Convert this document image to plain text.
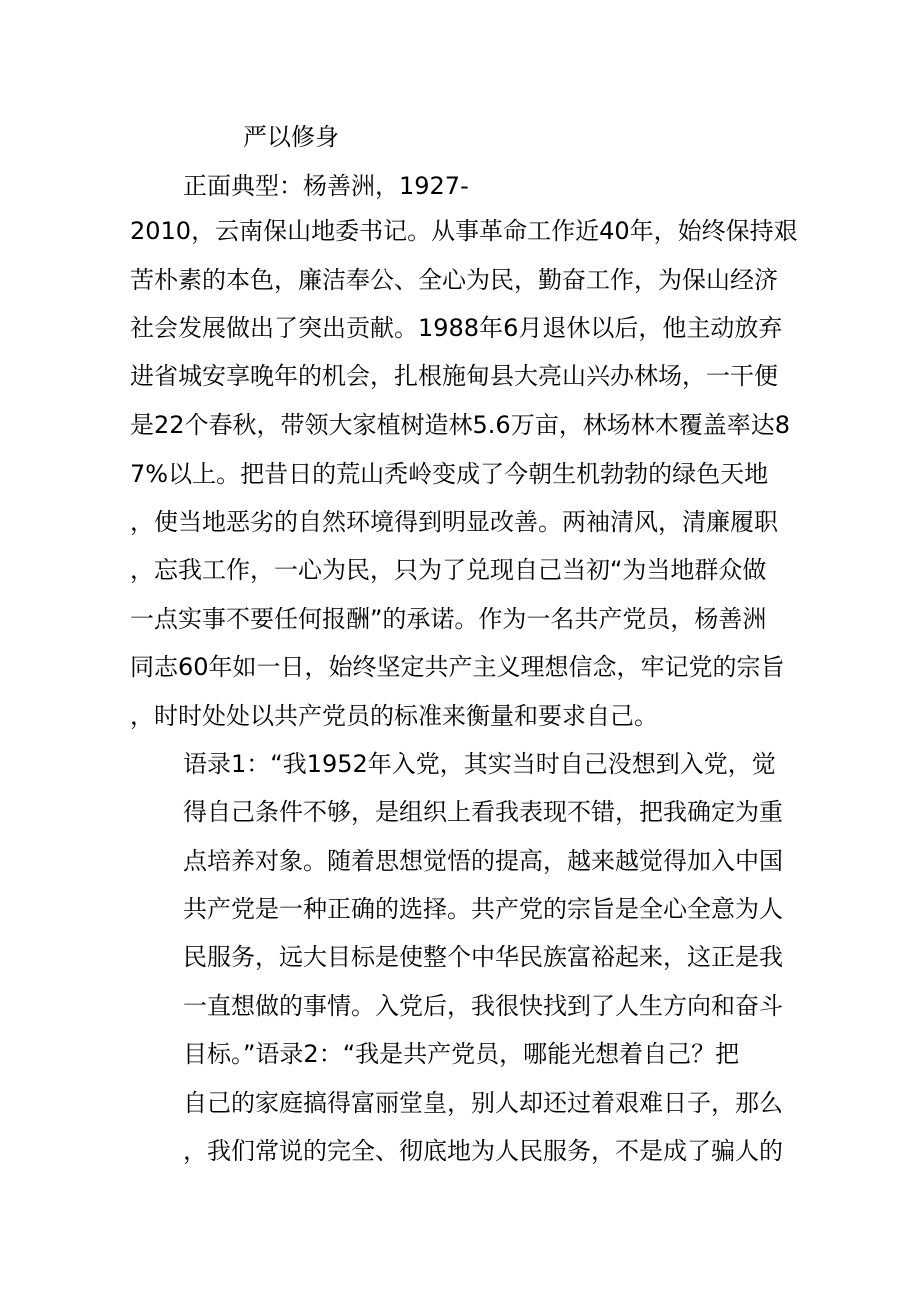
严以修身
正面典型：杨善洲，1927-
2010，云南保山地委书记。从事革命工作近40年，始终保持艰
苦朴素的本色，廉洁奉公、全心为民，勤奋工作，为保山经济
社会发展做出了突出贡献。1988年6月退休以后，他主动放弃
进省城安享晚年的机会，扎根施甸县大亮山兴办林场，一干便
是22个春秋，带领大家植树造林5.6万亩，林场林木覆盖率达8
7%以上。把昔日的荒山秃岭变成了今朝生机勃勃的绿色天地
，使当地恶劣的自然环境得到明显改善。两袖清风，清廉履职
，忘我工作，一心为民，只为了兑现自己当初“为当地群众做
一点实事不要任何报酬”的承诺。作为一名共产党员，杨善洲
同志60年如一日，始终坚定共产主义理想信念，牢记党的宗旨
，时时处处以共产党员的标准来衡量和要求自己。
语录1：“我1952年入党，其实当时自己没想到入党，觉
得自己条件不够，是组织上看我表现不错，把我确定为重
点培养对象。随着思想觉悟的提高，越来越觉得加入中国
共产党是一种正确的选择。共产党的宗旨是全心全意为人
民服务，远大目标是使整个中华民族富裕起来，这正是我
一直想做的事情。入党后，我很快找到了人生方向和奋斗
目标。”语录2：“我是共产党员，哪能光想着自己？把
自己的家庭搞得富丽堂皇，别人却还过着艰难日子，那么
，我们常说的完全、彻底地为人民服务，不是成了骗人的
